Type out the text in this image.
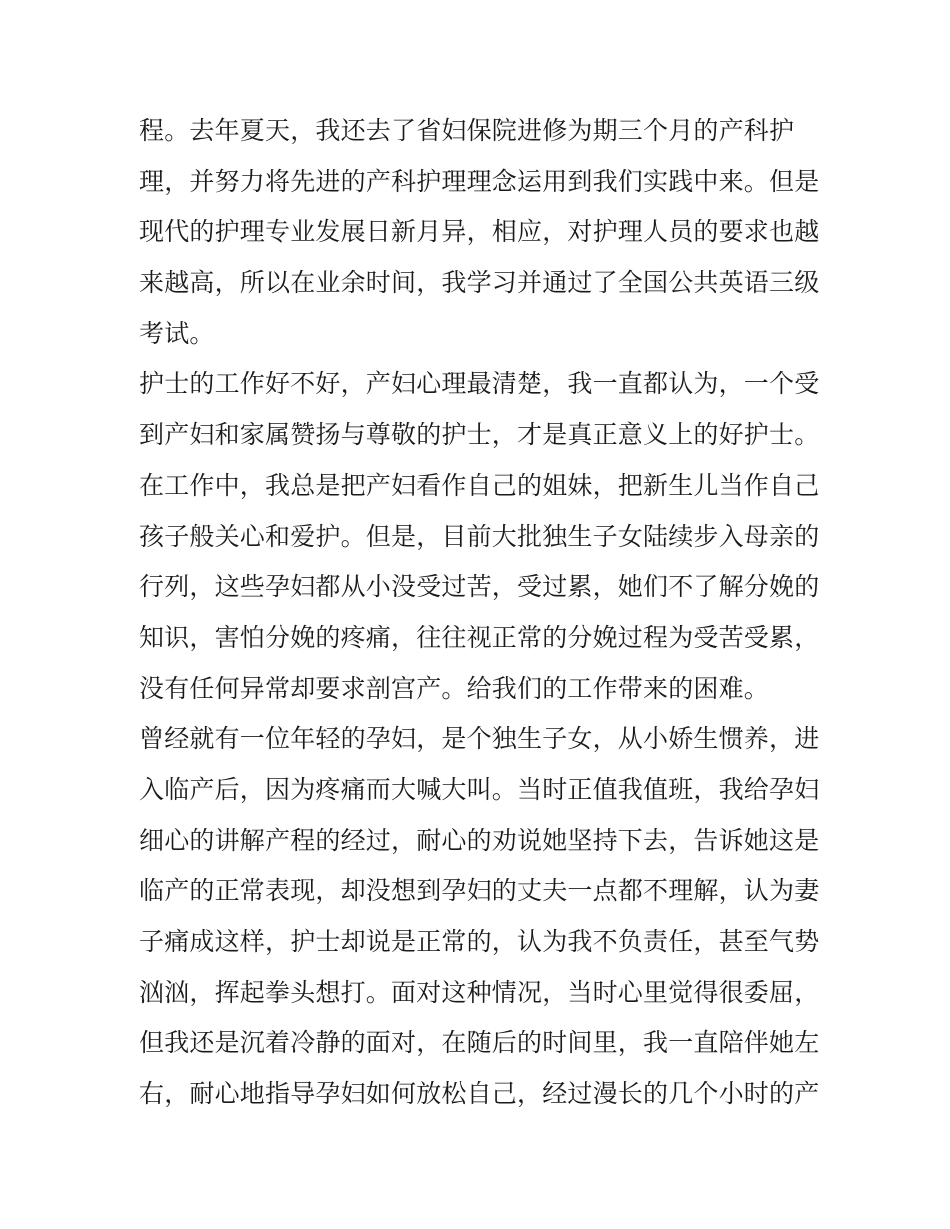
程。去年夏天，我还去了省妇保院进修为期三个月的产科护
理，并努力将先进的产科护理理念运用到我们实践中来。但是
现代的护理专业发展日新月异，相应，对护理人员的要求也越
来越高，所以在业余时间，我学习并通过了全国公共英语三级
考试。
护士的工作好不好，产妇心理最清楚，我一直都认为，一个受
到产妇和家属赞扬与尊敬的护士，才是真正意义上的好护士。
在工作中，我总是把产妇看作自己的姐妹，把新生儿当作自己
孩子般关心和爱护。但是，目前大批独生子女陆续步入母亲的
行列，这些孕妇都从小没受过苦，受过累，她们不了解分娩的
知识，害怕分娩的疼痛，往往视正常的分娩过程为受苦受累，
没有任何异常却要求剖宫产。给我们的工作带来的困难。
曾经就有一位年轻的孕妇，是个独生子女，从小娇生惯养，进
入临产后，因为疼痛而大喊大叫。当时正值我值班，我给孕妇
细心的讲解产程的经过，耐心的劝说她坚持下去，告诉她这是
临产的正常表现，却没想到孕妇的丈夫一点都不理解，认为妻
子痛成这样，护士却说是正常的，认为我不负责任，甚至气势
汹汹，挥起拳头想打。面对这种情况，当时心里觉得很委屈，
但我还是沉着冷静的面对，在随后的时间里，我一直陪伴她左
右，耐心地指导孕妇如何放松自己，经过漫长的几个小时的产
